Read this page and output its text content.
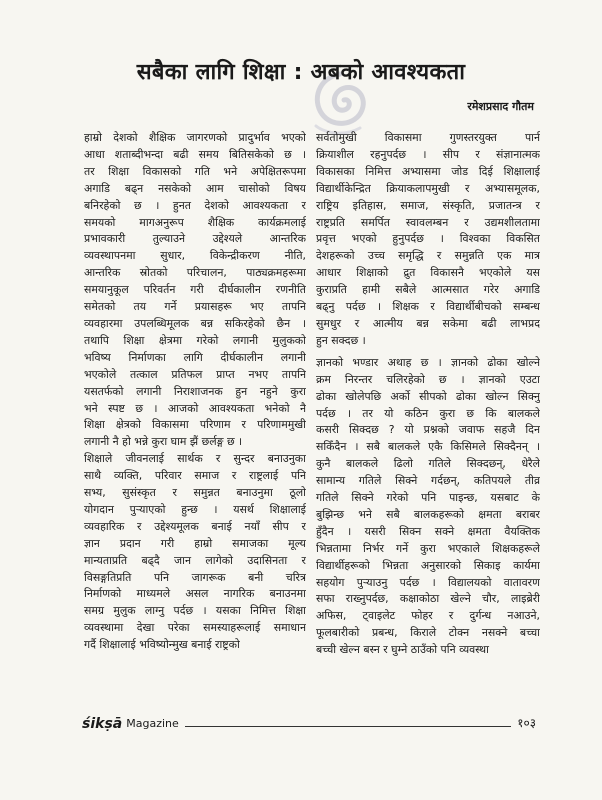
सबैका लागि शिक्षा : अबको आवश्यकता
रमेशप्रसाद गौतम
हाम्रो देशको शैक्षिक जागरणको प्रादुर्भाव भएको
आधा शताब्दीभन्दा बढी समय बितिसकेको छ ।
तर शिक्षा विकासको गति भने अपेक्षितरूपमा
अगाडि बढ्न नसकेको आम चासोको विषय
बनिरहेको छ । हुनत देशको आवश्यकता र
समयको मागअनुरूप शैक्षिक कार्यक्रमलाई
प्रभावकारी तुल्याउने उद्देश्यले आन्तरिक
व्यवस्थापनमा सुधार, विकेन्द्रीकरण नीति,
आन्तरिक स्रोतको परिचालन, पाठ्यक्रमहरूमा
समयानुकूल परिवर्तन गरी दीर्घकालीन रणनीति
समेतको तय गर्ने प्रयासहरू भए तापनि
व्यवहारमा उपलब्धिमूलक बन्न सकिरहेको छैन ।
तथापि शिक्षा क्षेत्रमा गरेको लगानी मुलुकको
भविष्य निर्माणका लागि दीर्घकालीन लगानी
भएकोले तत्काल प्रतिफल प्राप्त नभए तापनि
यसतर्फको लगानी निराशाजनक हुन नहुने कुरा
भने स्पष्ट छ । आजको आवश्यकता भनेको नै
शिक्षा क्षेत्रको विकासमा परिणाम र परिणाममुखी
लगानी नै हो भन्ने कुरा घाम झैं छर्लङ्ग छ ।
शिक्षाले जीवनलाई सार्थक र सुन्दर बनाउनुका
साथै व्यक्ति, परिवार समाज र राष्ट्रलाई पनि
सभ्य, सुसंस्कृत र समुन्नत बनाउनुमा ठूलो
योगदान पुऱ्याएको हुन्छ । यसर्थ शिक्षालाई
व्यवहारिक र उद्देश्यमूलक बनाई नयाँ सीप र
ज्ञान प्रदान गरी हाम्रो समाजका मूल्य
मान्यताप्रति बढ्दै जान लागेको उदासिनता र
विसङ्गतिप्रति पनि जागरूक बनी चरित्र
निर्माणको माध्यमले असल नागरिक बनाउनमा
समग्र मुलुक लाग्नु पर्दछ । यसका निमित्त शिक्षा
व्यवस्थामा देखा परेका समस्याहरूलाई समाधान
गर्दै शिक्षालाई भविष्योन्मुख बनाई राष्ट्रको
सर्वतोमुखी विकासमा गुणस्तरयुक्त पार्न
क्रियाशील रहनुपर्दछ । सीप र संज्ञानात्मक
विकासका निमित्त अभ्यासमा जोड दिई शिक्षालाई
विद्यार्थीकेन्द्रित क्रियाकलापमुखी र अभ्यासमूलक,
राष्ट्रिय इतिहास, समाज, संस्कृति, प्रजातन्त्र र
राष्ट्रप्रति समर्पित स्वावलम्बन र उद्यमशीलतामा
प्रवृत्त भएको हुनुपर्दछ । विश्वका विकसित
देशहरूको उच्च समृद्धि र समुन्नति एक मात्र
आधार शिक्षाको द्रुत विकासनै भएकोले यस
कुराप्रति हामी सबैले आत्मसात गरेर अगाडि
बढ्नु पर्दछ । शिक्षक र विद्यार्थीबीचको सम्बन्ध
सुमधुर र आत्मीय बन्न सकेमा बढी लाभप्रद
हुन सक्दछ ।
ज्ञानको भण्डार अथाह छ । ज्ञानको ढोका खोल्ने
क्रम निरन्तर चलिरहेको छ । ज्ञानको एउटा
ढोका खोलेपछि अर्को सीपको ढोका खोल्न सिक्नु
पर्दछ । तर यो कठिन कुरा छ कि बालकले
कसरी सिक्दछ ? यो प्रश्नको जवाफ सहजै दिन
सकिँदैन । सबै बालकले एकै किसिमले सिक्दैनन् ।
कुनै बालकले ढिलो गतिले सिक्दछन्, धेरैले
सामान्य गतिले सिक्ने गर्दछन्, कतिपयले तीव्र
गतिले सिक्ने गरेको पनि पाइन्छ, यसबाट के
बुझिन्छ भने सबै बालकहरूको क्षमता बराबर
हुँदैन । यसरी सिक्न सक्ने क्षमता वैयक्तिक
भिन्नतामा निर्भर गर्ने कुरा भएकाले शिक्षकहरूले
विद्यार्थीहरूको भिन्नता अनुसारको सिकाइ कार्यमा
सहयोग पुऱ्याउनु पर्दछ । विद्यालयको वातावरण
सफा राख्नुपर्दछ, कक्षाकोठा खेल्ने चौर, लाइब्रेरी
अफिस, ट्वाइलेट फोहर र दुर्गन्ध नआउने,
फूलबारीको प्रबन्ध, किराले टोक्न नसक्ने बच्चा
बच्ची खेल्न बस्न र घुम्ने ठाउँको पनि व्यवस्था
śikṣā Magazine	१०३
